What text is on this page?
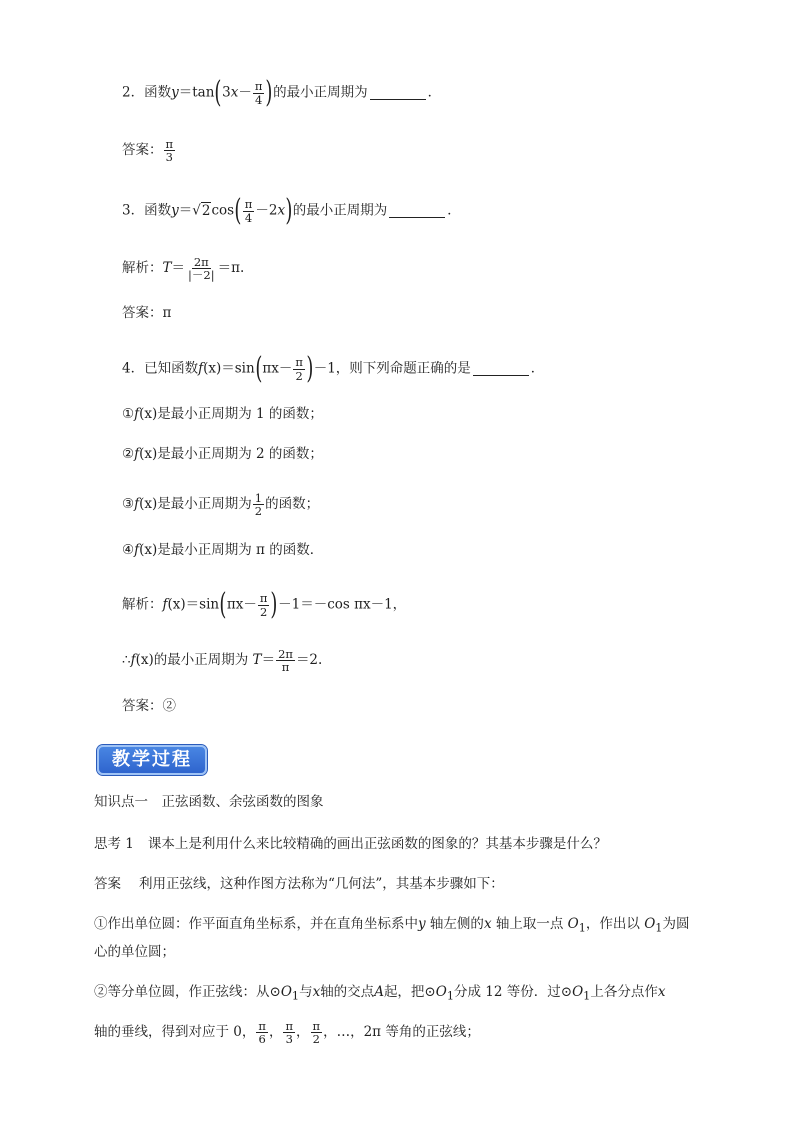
2．函数$y=\tan(3x- \frac{\pi}{4}$ )的最小正周期为	．
答案： $\frac{\pi}{3}$
3．函数$y=√2\cos( \frac{\pi}{4} -2x)$的最小正周期为	．
解析：$T= \frac{2\pi}{|-2|} =\pi$.
答案：π
4．已知函数$f(x)=\sin(\pi x- \frac{\pi}{2} )-1$，则下列命题正确的是	．
①f(x)是最小正周期为 1 的函数；
②f(x)是最小正周期为 2 的函数；
③f(x)是最小正周期为 $\frac{1}{2}$ 的函数；
④f(x)是最小正周期为 π 的函数．
解析：$f(x)=\sin(\pi x- \frac{\pi}{2} )-1=-\cos$ πx－1，
∴f(x)的最小正周期为 $T= \frac{2\pi}{\pi} =2$.
答案：②
教学过程
知识点一　正弦函数、余弦函数的图象
思考 1 课本上是利用什么来比较精确的画出正弦函数的图象的？其基本步骤是什么？
答案 利用正弦线，这种作图方法称为“几何法”，其基本步骤如下：
①作出单位圆：作平面直角坐标系，并在直角坐标系中y 轴左侧的x 轴上取一点 $O_1$，作出以 $O_1$为圆
心的单位圆；
②等分单位圆，作正弦线：从$⊙O_1$与x轴的交点A起，把$⊙O_1$分成 12 等份．过$⊙O_1$上各分点作x
轴的垂线，得到对应于 0， $\frac{\pi}{6}$ ， $\frac{\pi}{3}$ ， $\frac{\pi}{2}$ ，…，2π 等角的正弦线；
